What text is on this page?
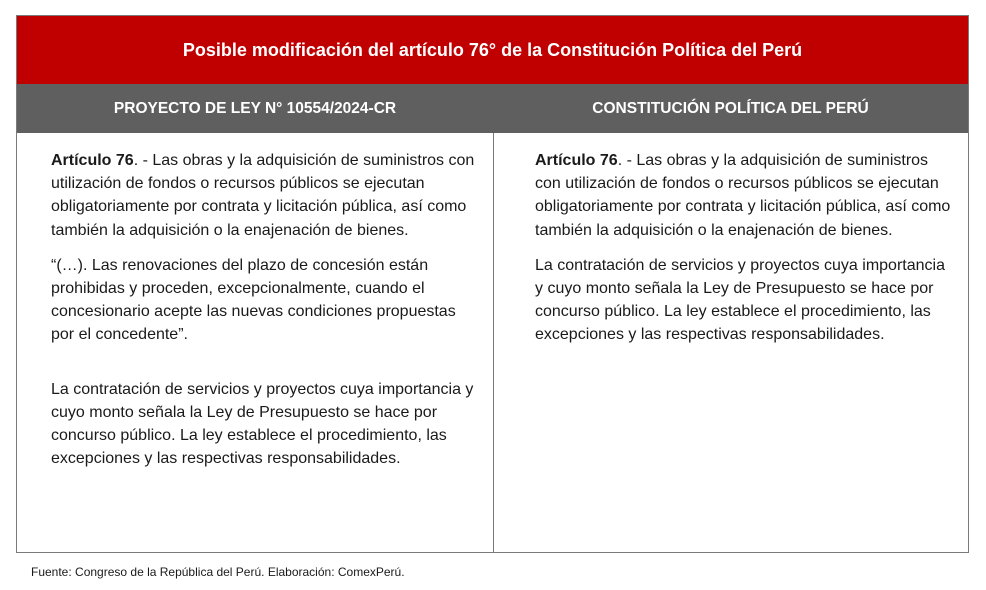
Posible modificación del artículo 76° de la Constitución Política del Perú
PROYECTO DE LEY N° 10554/2024-CR	CONSTITUCIÓN POLÍTICA DEL PERÚ

Artículo 76. - Las obras y la adquisición de suministros con utilización de fondos o recursos públicos se ejecutan obligatoriamente por contrata y licitación pública, así como también la adquisición o la enajenación de bienes.

“(…). Las renovaciones del plazo de concesión están prohibidas y proceden, excepcionalmente, cuando el concesionario acepte las nuevas condiciones propuestas por el concedente”.

La contratación de servicios y proyectos cuya importancia y cuyo monto señala la Ley de Presupuesto se hace por concurso público. La ley establece el procedimiento, las excepciones y las respectivas responsabilidades.

Artículo 76. - Las obras y la adquisición de suministros con utilización de fondos o recursos públicos se ejecutan obligatoriamente por contrata y licitación pública, así como también la adquisición o la enajenación de bienes.

La contratación de servicios y proyectos cuya importancia y cuyo monto señala la Ley de Presupuesto se hace por concurso público. La ley establece el procedimiento, las excepciones y las respectivas responsabilidades.

Fuente: Congreso de la República del Perú. Elaboración: ComexPerú.
